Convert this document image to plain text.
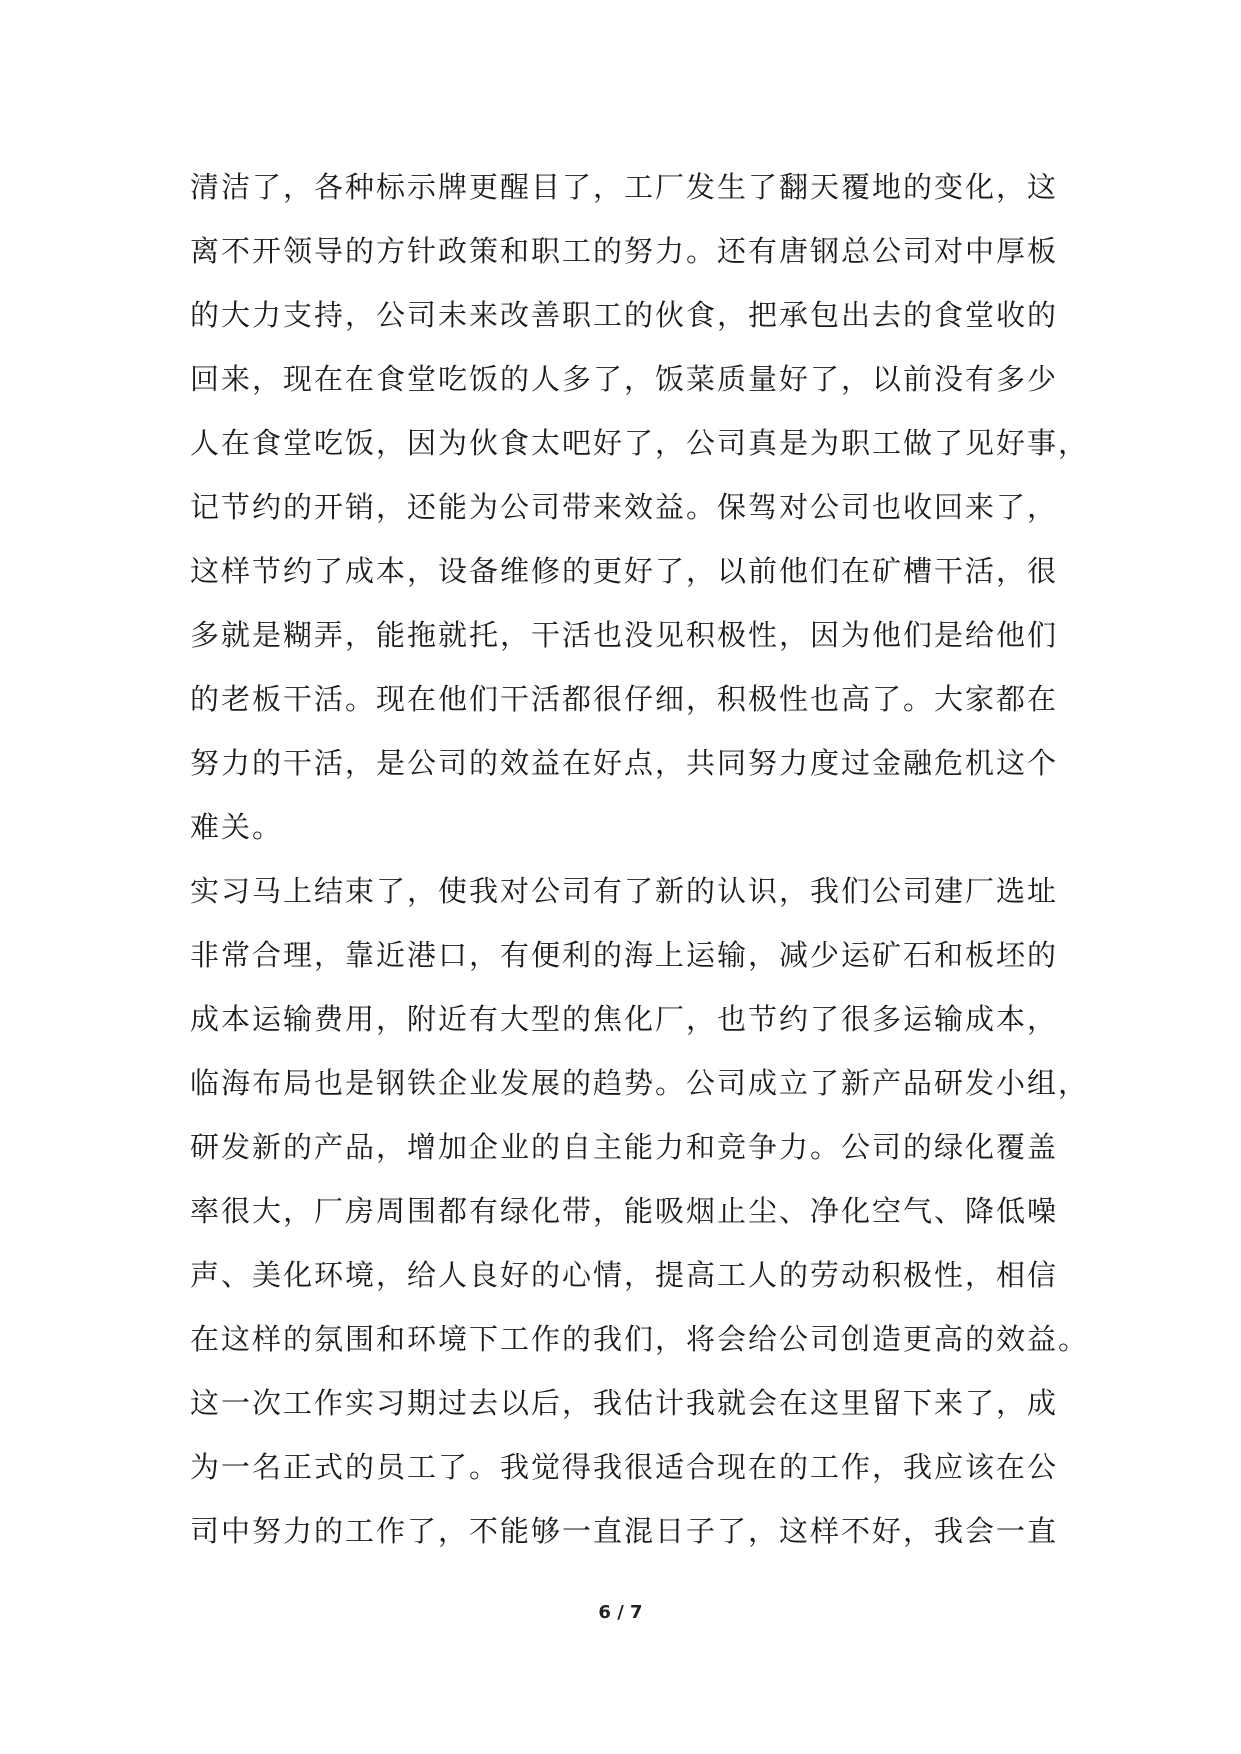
清洁了，各种标示牌更醒目了，工厂发生了翻天覆地的变化，这
离不开领导的方针政策和职工的努力。还有唐钢总公司对中厚板
的大力支持，公司未来改善职工的伙食，把承包出去的食堂收的
回来，现在在食堂吃饭的人多了，饭菜质量好了，以前没有多少
人在食堂吃饭，因为伙食太吧好了，公司真是为职工做了见好事，
记节约的开销，还能为公司带来效益。保驾对公司也收回来了，
这样节约了成本，设备维修的更好了，以前他们在矿槽干活，很
多就是糊弄，能拖就托，干活也没见积极性，因为他们是给他们
的老板干活。现在他们干活都很仔细，积极性也高了。大家都在
努力的干活，是公司的效益在好点，共同努力度过金融危机这个
难关。
实习马上结束了，使我对公司有了新的认识，我们公司建厂选址
非常合理，靠近港口，有便利的海上运输，减少运矿石和板坯的
成本运输费用，附近有大型的焦化厂，也节约了很多运输成本，
临海布局也是钢铁企业发展的趋势。公司成立了新产品研发小组，
研发新的产品，增加企业的自主能力和竞争力。公司的绿化覆盖
率很大，厂房周围都有绿化带，能吸烟止尘、净化空气、降低噪
声、美化环境，给人良好的心情，提高工人的劳动积极性，相信
在这样的氛围和环境下工作的我们，将会给公司创造更高的效益。
这一次工作实习期过去以后，我估计我就会在这里留下来了，成
为一名正式的员工了。我觉得我很适合现在的工作，我应该在公
司中努力的工作了，不能够一直混日子了，这样不好，我会一直
6 / 7
